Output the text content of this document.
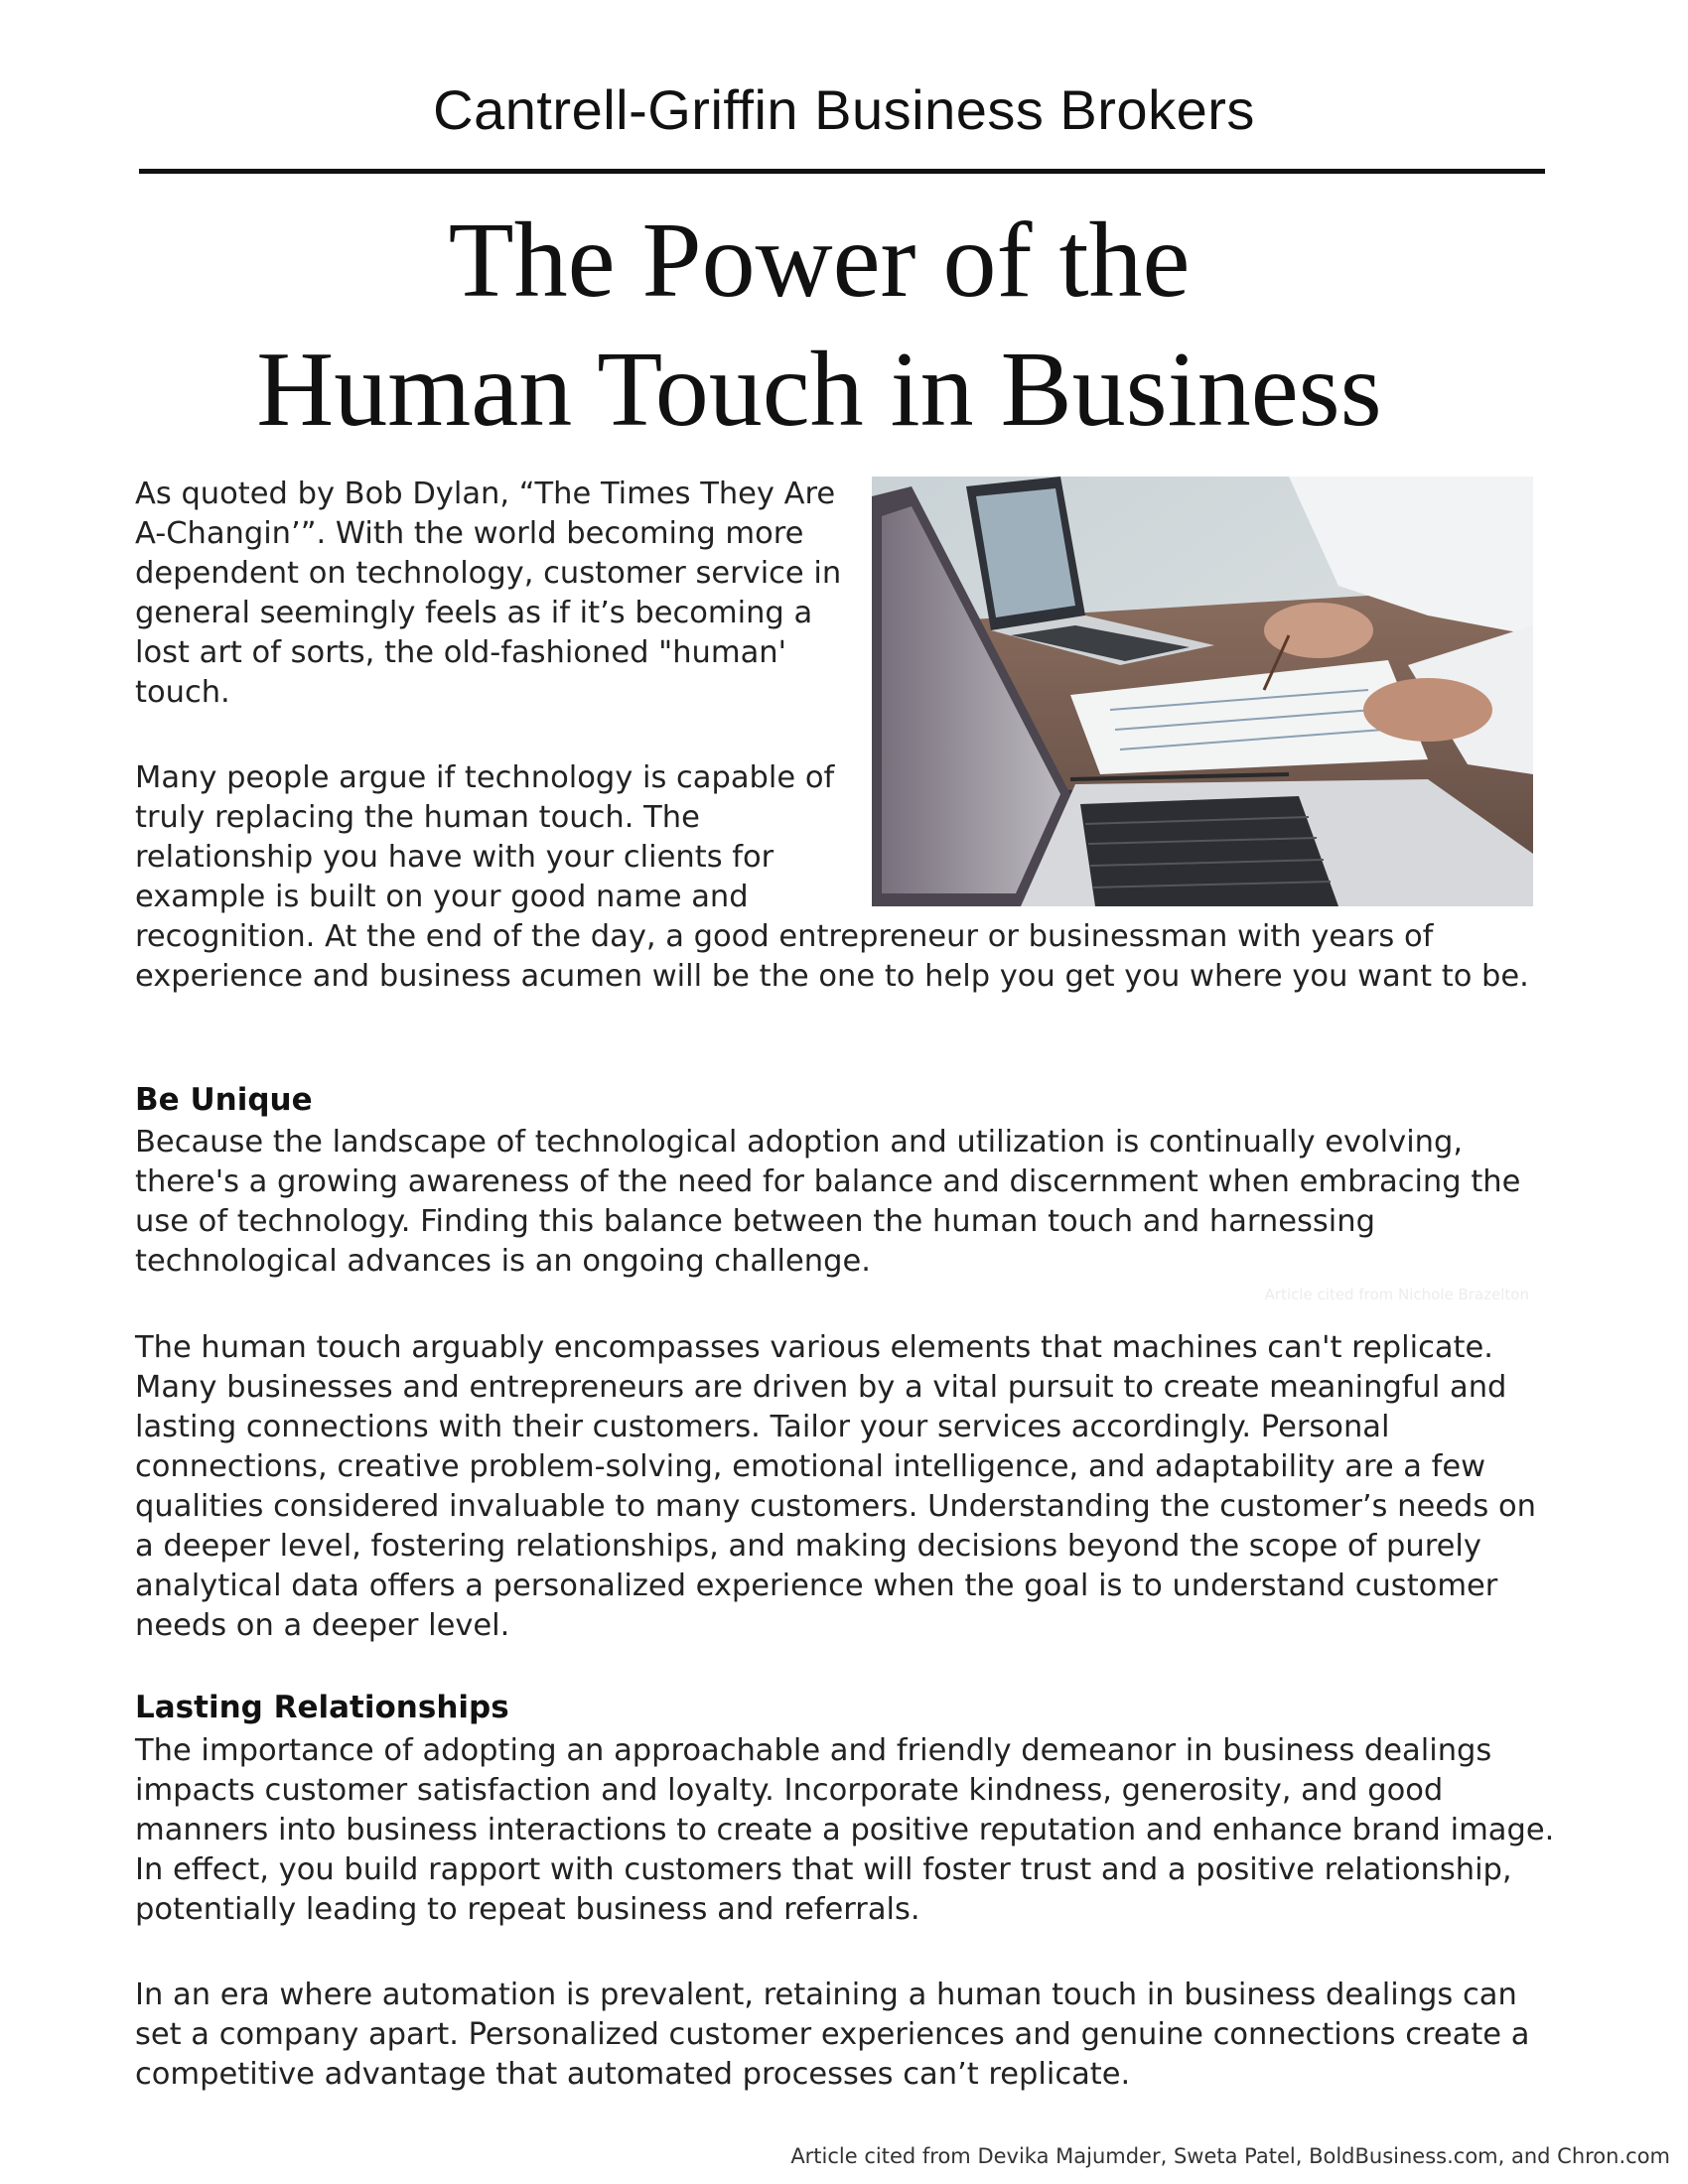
Cantrell-Griffin Business Brokers
The Power of the
Human Touch in Business

As quoted by Bob Dylan, “The Times They Are A-Changin’”. With the world becoming more dependent on technology, customer service in general seemingly feels as if it’s becoming a lost art of sorts, the old-fashioned "human' touch.

Many people argue if technology is capable of truly replacing the human touch. The relationship you have with your clients for example is built on your good name and

recognition. At the end of the day, a good entrepreneur or businessman with years of experience and business acumen will be the one to help you get you where you want to be.

Be Unique

Because the landscape of technological adoption and utilization is continually evolving, there's a growing awareness of the need for balance and discernment when embracing the use of technology. Finding this balance between the human touch and harnessing technological advances is an ongoing challenge.

Article cited from Nichole Brazelton

The human touch arguably encompasses various elements that machines can't replicate. Many businesses and entrepreneurs are driven by a vital pursuit to create meaningful and lasting connections with their customers. Tailor your services accordingly. Personal connections, creative problem-solving, emotional intelligence, and adaptability are a few qualities considered invaluable to many customers. Understanding the customer’s needs on a deeper level, fostering relationships, and making decisions beyond the scope of purely analytical data offers a personalized experience when the goal is to understand customer needs on a deeper level.

Lasting Relationships

The importance of adopting an approachable and friendly demeanor in business dealings impacts customer satisfaction and loyalty. Incorporate kindness, generosity, and good manners into business interactions to create a positive reputation and enhance brand image. In effect, you build rapport with customers that will foster trust and a positive relationship, potentially leading to repeat business and referrals.

In an era where automation is prevalent, retaining a human touch in business dealings can set a company apart. Personalized customer experiences and genuine connections create a competitive advantage that automated processes can’t replicate.

Article cited from Devika Majumder, Sweta Patel, BoldBusiness.com, and Chron.com
